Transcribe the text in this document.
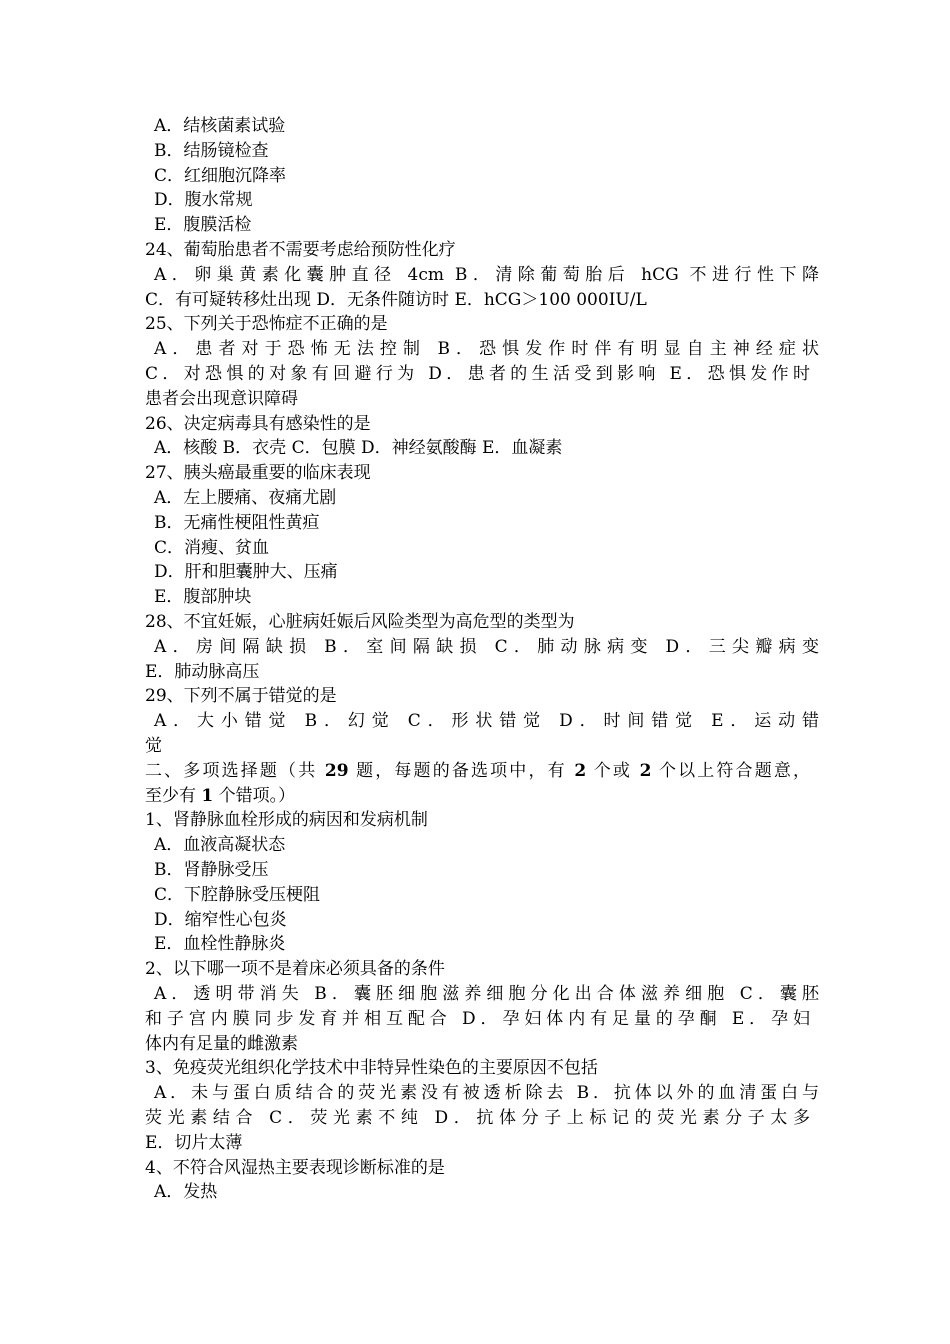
A．结核菌素试验
B．结肠镜检查
C．红细胞沉降率
D．腹水常规
E．腹膜活检
24、葡萄胎患者不需要考虑给预防性化疗
A．卵巢黄素化囊肿直径 4cm B．清除葡萄胎后 hCG 不进行性下降
C．有可疑转移灶出现 D．无条件随访时 E．hCG＞100 000IU/L
25、下列关于恐怖症不正确的是
A．患者对于恐怖无法控制 B．恐惧发作时伴有明显自主神经症状
C．对恐惧的对象有回避行为 D．患者的生活受到影响 E．恐惧发作时
患者会出现意识障碍
26、决定病毒具有感染性的是
A．核酸 B．衣壳 C．包膜 D．神经氨酸酶 E．血凝素
27、胰头癌最重要的临床表现
A．左上腰痛、夜痛尤剧
B．无痛性梗阻性黄疸
C．消瘦、贫血
D．肝和胆囊肿大、压痛
E．腹部肿块
28、不宜妊娠，心脏病妊娠后风险类型为高危型的类型为
A．房间隔缺损 B．室间隔缺损 C．肺动脉病变 D．三尖瓣病变
E．肺动脉高压
29、下列不属于错觉的是
A．大小错觉 B．幻觉 C．形状错觉 D．时间错觉 E．运动错
觉
二、多项选择题（共 29 题，每题的备选项中，有 2 个或 2 个以上符合题意，
至少有 1 个错项。）
1、肾静脉血栓形成的病因和发病机制
A．血液高凝状态
B．肾静脉受压
C．下腔静脉受压梗阻
D．缩窄性心包炎
E．血栓性静脉炎
2、以下哪一项不是着床必须具备的条件
A．透明带消失 B．囊胚细胞滋养细胞分化出合体滋养细胞 C．囊胚
和子宫内膜同步发育并相互配合 D．孕妇体内有足量的孕酮 E．孕妇
体内有足量的雌激素
3、免疫荧光组织化学技术中非特异性染色的主要原因不包括
A．未与蛋白质结合的荧光素没有被透析除去 B．抗体以外的血清蛋白与
荧光素结合 C．荧光素不纯 D．抗体分子上标记的荧光素分子太多
E．切片太薄
4、不符合风湿热主要表现诊断标准的是
A．发热
